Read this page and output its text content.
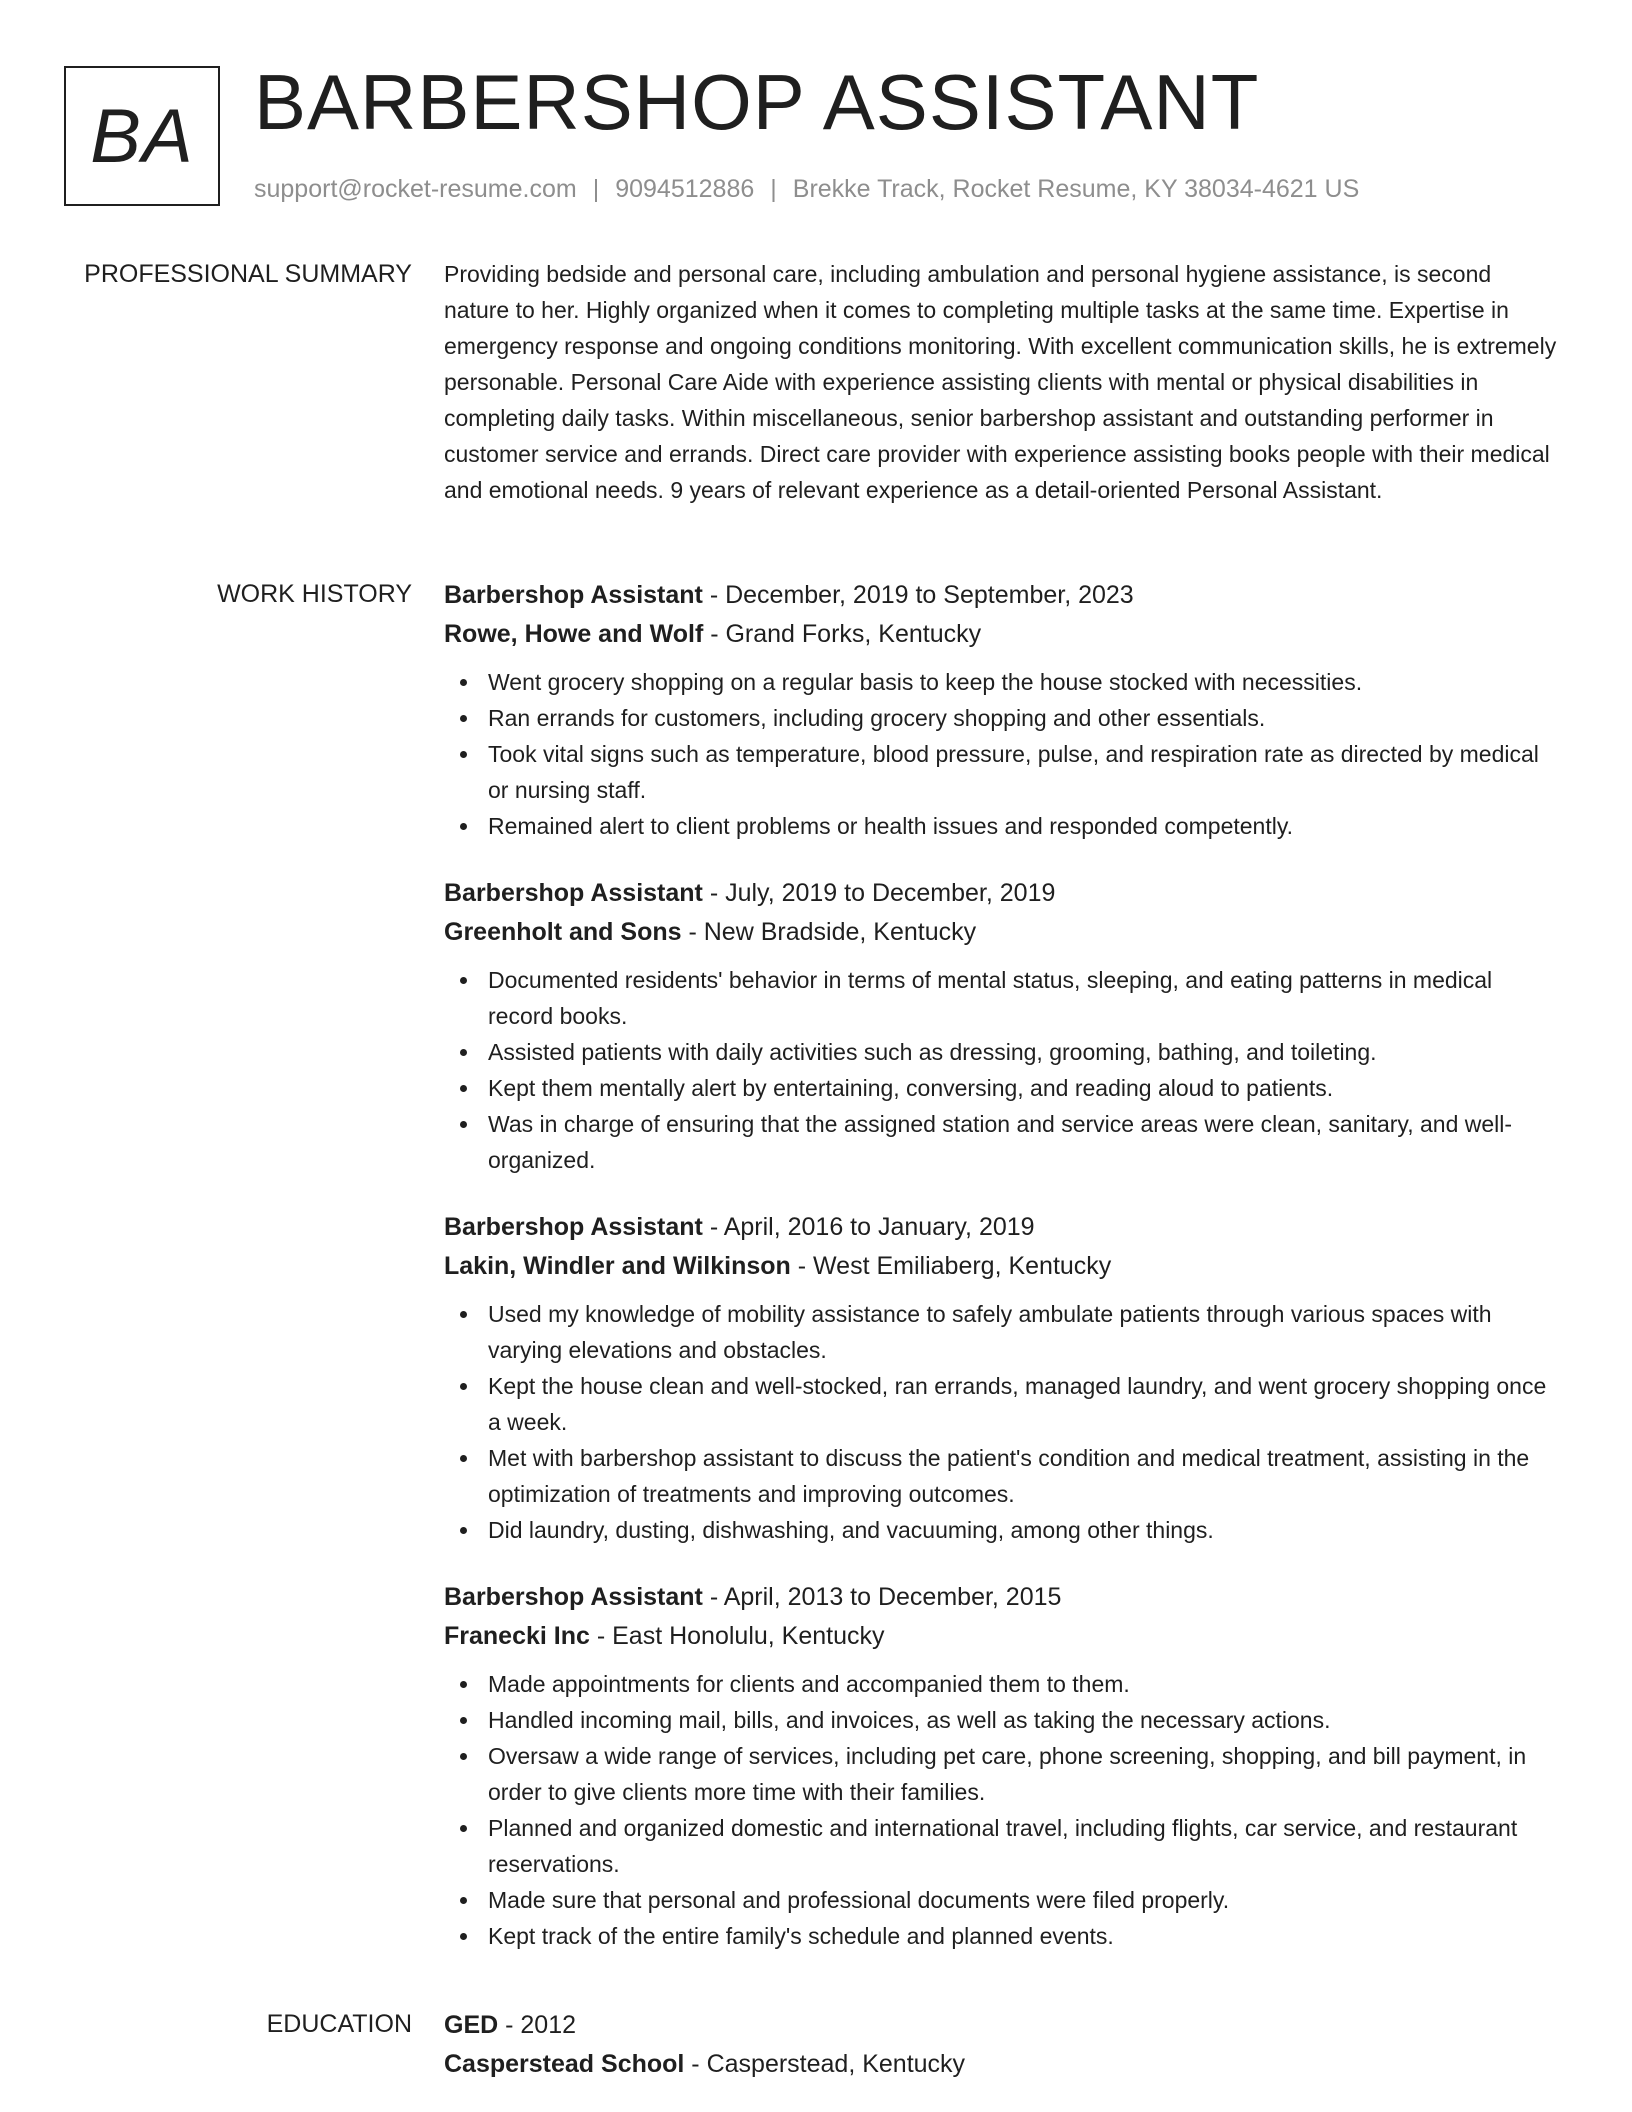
BA BARBERSHOP ASSISTANT
support@rocket-resume.com | 9094512886 | Brekke Track, Rocket Resume, KY 38034-4621 US
PROFESSIONAL SUMMARY Providing bedside and personal care, including ambulation and personal hygiene assistance, is second nature to her. Highly organized when it comes to completing multiple tasks at the same time. Expertise in emergency response and ongoing conditions monitoring. With excellent communication skills, he is extremely personable. Personal Care Aide with experience assisting clients with mental or physical disabilities in completing daily tasks. Within miscellaneous, senior barbershop assistant and outstanding performer in customer service and errands. Direct care provider with experience assisting books people with their medical and emotional needs. 9 years of relevant experience as a detail-oriented Personal Assistant.

WORK HISTORY Barbershop Assistant - December, 2019 to September, 2023
Rowe, Howe and Wolf - Grand Forks, Kentucky
Went grocery shopping on a regular basis to keep the house stocked with necessities.
Ran errands for customers, including grocery shopping and other essentials.
Took vital signs such as temperature, blood pressure, pulse, and respiration rate as directed by medical or nursing staff.
Remained alert to client problems or health issues and responded competently.
Barbershop Assistant - July, 2019 to December, 2019
Greenholt and Sons - New Bradside, Kentucky
Documented residents' behavior in terms of mental status, sleeping, and eating patterns in medical record books.
Assisted patients with daily activities such as dressing, grooming, bathing, and toileting.
Kept them mentally alert by entertaining, conversing, and reading aloud to patients.
Was in charge of ensuring that the assigned station and service areas were clean, sanitary, and well-organized.
Barbershop Assistant - April, 2016 to January, 2019
Lakin, Windler and Wilkinson - West Emiliaberg, Kentucky
Used my knowledge of mobility assistance to safely ambulate patients through various spaces with varying elevations and obstacles.
Kept the house clean and well-stocked, ran errands, managed laundry, and went grocery shopping once a week.
Met with barbershop assistant to discuss the patient's condition and medical treatment, assisting in the optimization of treatments and improving outcomes.
Did laundry, dusting, dishwashing, and vacuuming, among other things.
Barbershop Assistant - April, 2013 to December, 2015
Franecki Inc - East Honolulu, Kentucky
Made appointments for clients and accompanied them to them.
Handled incoming mail, bills, and invoices, as well as taking the necessary actions.
Oversaw a wide range of services, including pet care, phone screening, shopping, and bill payment, in order to give clients more time with their families.
Planned and organized domestic and international travel, including flights, car service, and restaurant reservations.
Made sure that personal and professional documents were filed properly.
Kept track of the entire family's schedule and planned events.
EDUCATION GED - 2012
Casperstead School - Casperstead, Kentucky
